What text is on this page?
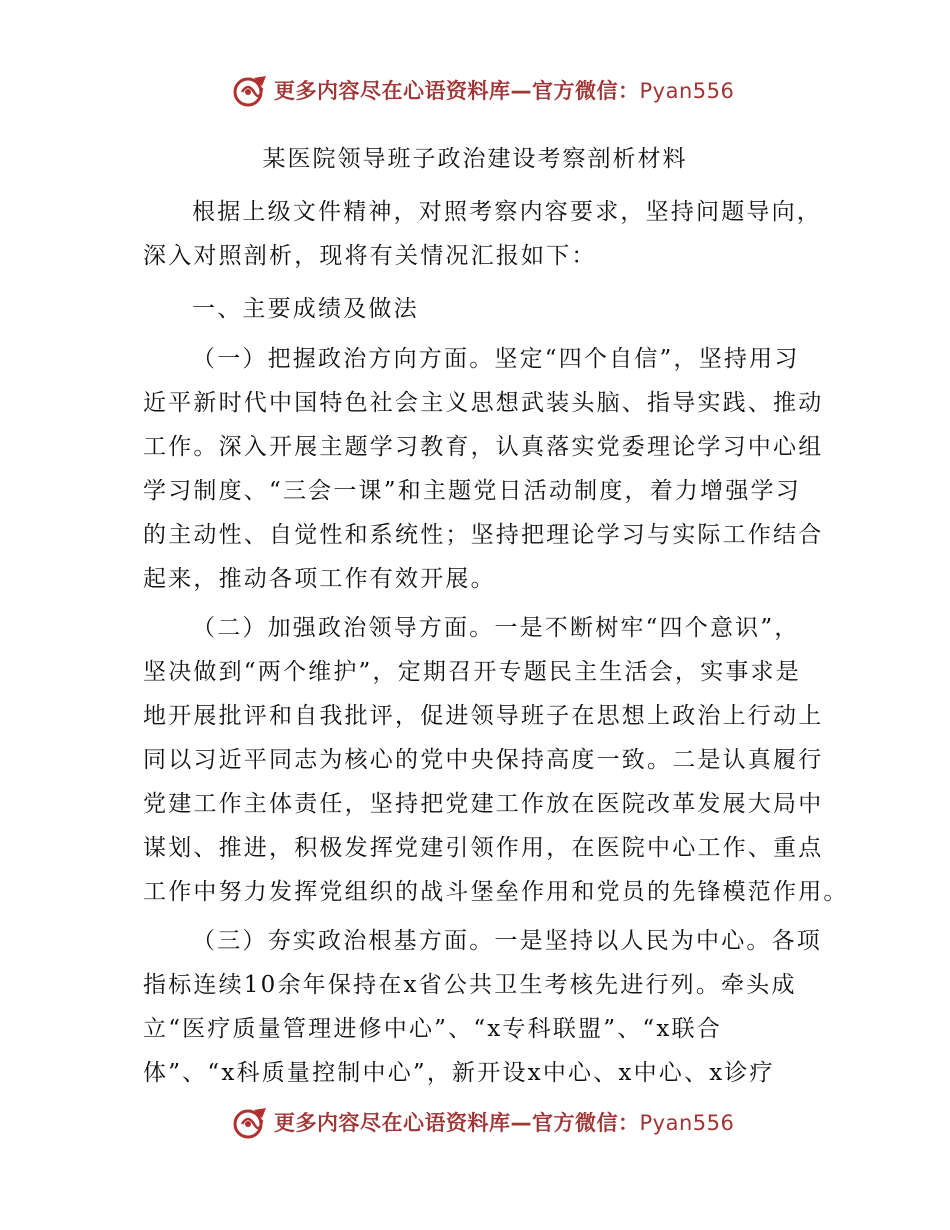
更多内容尽在心语资料库—官方微信：Pyan556
某医院领导班子政治建设考察剖析材料

根据上级文件精神，对照考察内容要求，坚持问题导向，

深入对照剖析，现将有关情况汇报如下：

一、主要成绩及做法

（一）把握政治方向方面。坚定“四个自信”，坚持用习

近平新时代中国特色社会主义思想武装头脑、指导实践、推动

工作。深入开展主题学习教育，认真落实党委理论学习中心组

学习制度、“三会一课”和主题党日活动制度，着力增强学习

的主动性、自觉性和系统性；坚持把理论学习与实际工作结合

起来，推动各项工作有效开展。

（二）加强政治领导方面。一是不断树牢“四个意识”，

坚决做到“两个维护”，定期召开专题民主生活会，实事求是

地开展批评和自我批评，促进领导班子在思想上政治上行动上

同以习近平同志为核心的党中央保持高度一致。二是认真履行

党建工作主体责任，坚持把党建工作放在医院改革发展大局中

谋划、推进，积极发挥党建引领作用，在医院中心工作、重点

工作中努力发挥党组织的战斗堡垒作用和党员的先锋模范作用。

（三）夯实政治根基方面。一是坚持以人民为中心。各项

指标连续10余年保持在x省公共卫生考核先进行列。牵头成

立“医疗质量管理进修中心”、“x专科联盟”、“x联合

体”、“x科质量控制中心”，新开设x中心、x中心、x诊疗

更多内容尽在心语资料库—官方微信：Pyan556
